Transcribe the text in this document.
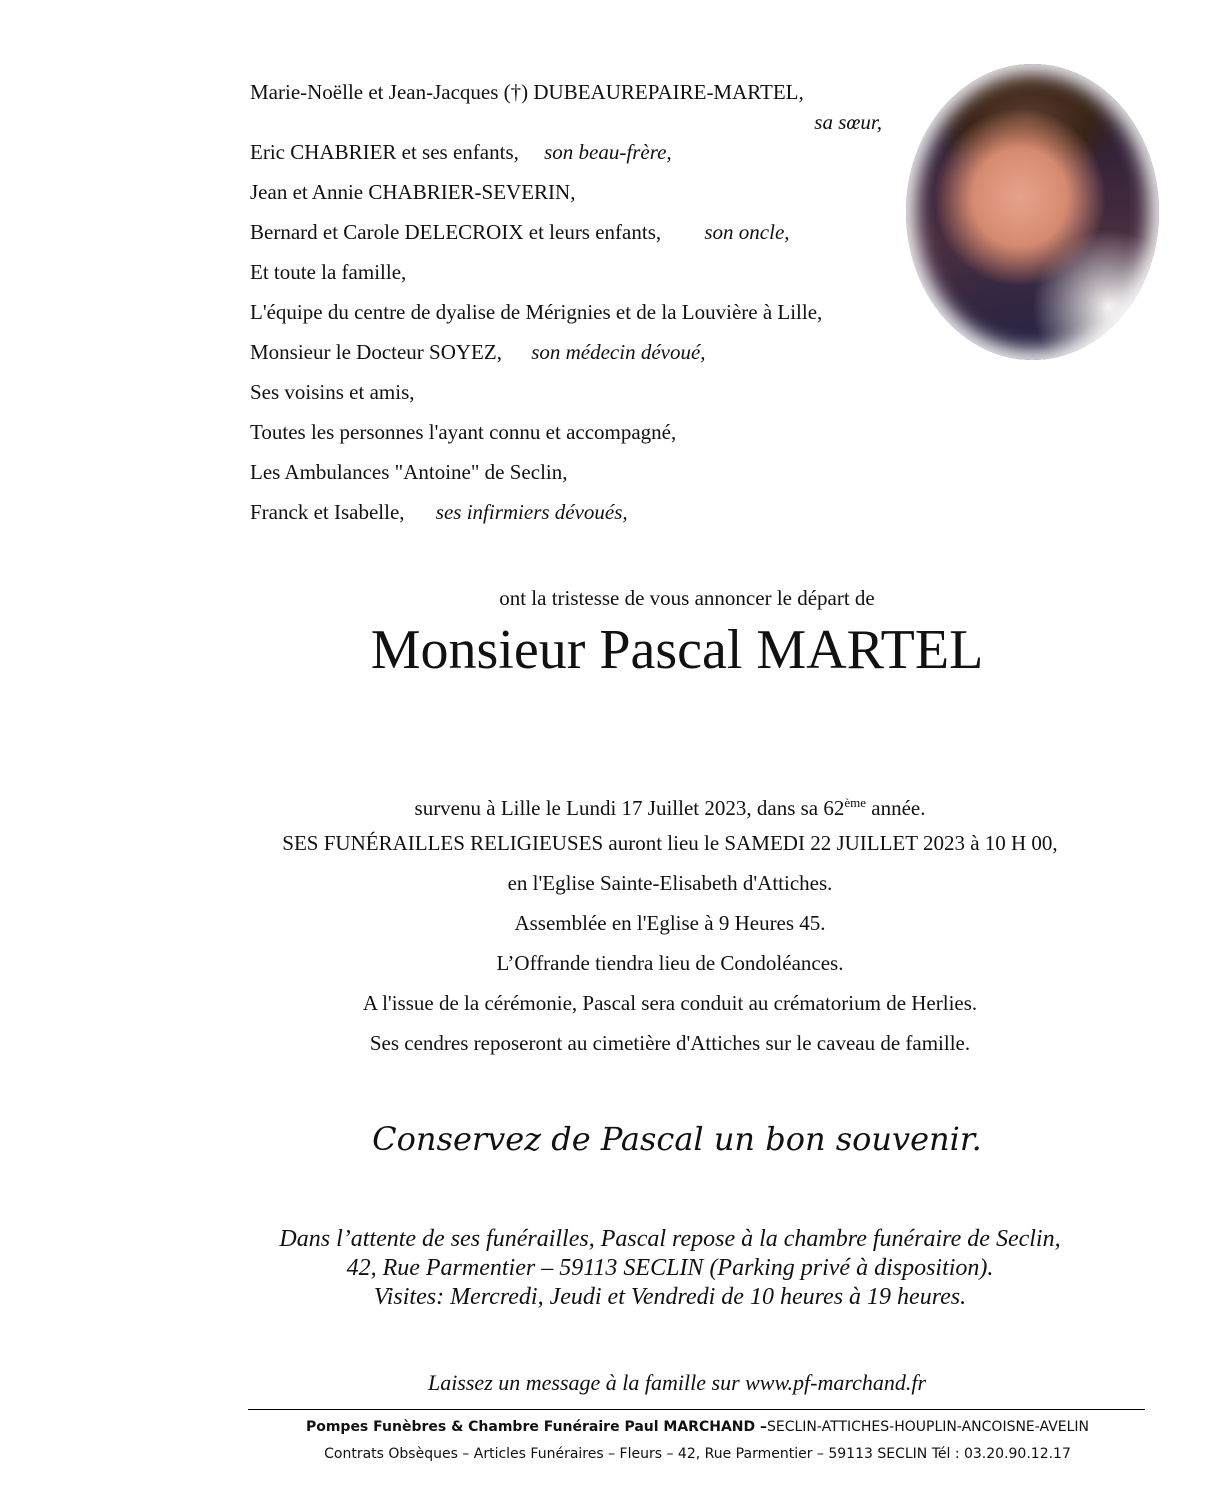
Marie-Noëlle et Jean-Jacques (†) DUBEAUREPAIRE-MARTEL,
sa sœur,
Eric CHABRIER et ses enfants, son beau-frère,
Jean et Annie CHABRIER-SEVERIN,
Bernard et Carole DELECROIX et leurs enfants, son oncle,
Et toute la famille,
L'équipe du centre de dyalise de Mérignies et de la Louvière à Lille,
Monsieur le Docteur SOYEZ, son médecin dévoué,
Ses voisins et amis,
Toutes les personnes l'ayant connu et accompagné,
Les Ambulances "Antoine" de Seclin,
Franck et Isabelle, ses infirmiers dévoués,
ont la tristesse de vous annoncer le départ de
Monsieur Pascal MARTEL
survenu à Lille le Lundi 17 Juillet 2023, dans sa 62ème année.
SES FUNÉRAILLES RELIGIEUSES auront lieu le SAMEDI 22 JUILLET 2023 à 10 H 00,
en l'Eglise Sainte-Elisabeth d'Attiches.
Assemblée en l'Eglise à 9 Heures 45.
L’Offrande tiendra lieu de Condoléances.
A l'issue de la cérémonie, Pascal sera conduit au crématorium de Herlies.
Ses cendres reposeront au cimetière d'Attiches sur le caveau de famille.
Conservez de Pascal un bon souvenir.
Dans l’attente de ses funérailles, Pascal repose à la chambre funéraire de Seclin,
42, Rue Parmentier – 59113 SECLIN (Parking privé à disposition).
Visites: Mercredi, Jeudi et Vendredi de 10 heures à 19 heures.
Laissez un message à la famille sur www.pf-marchand.fr
Pompes Funèbres & Chambre Funéraire Paul MARCHAND –SECLIN-ATTICHES-HOUPLIN-ANCOISNE-AVELIN
Contrats Obsèques – Articles Funéraires – Fleurs – 42, Rue Parmentier – 59113 SECLIN Tél : 03.20.90.12.17
